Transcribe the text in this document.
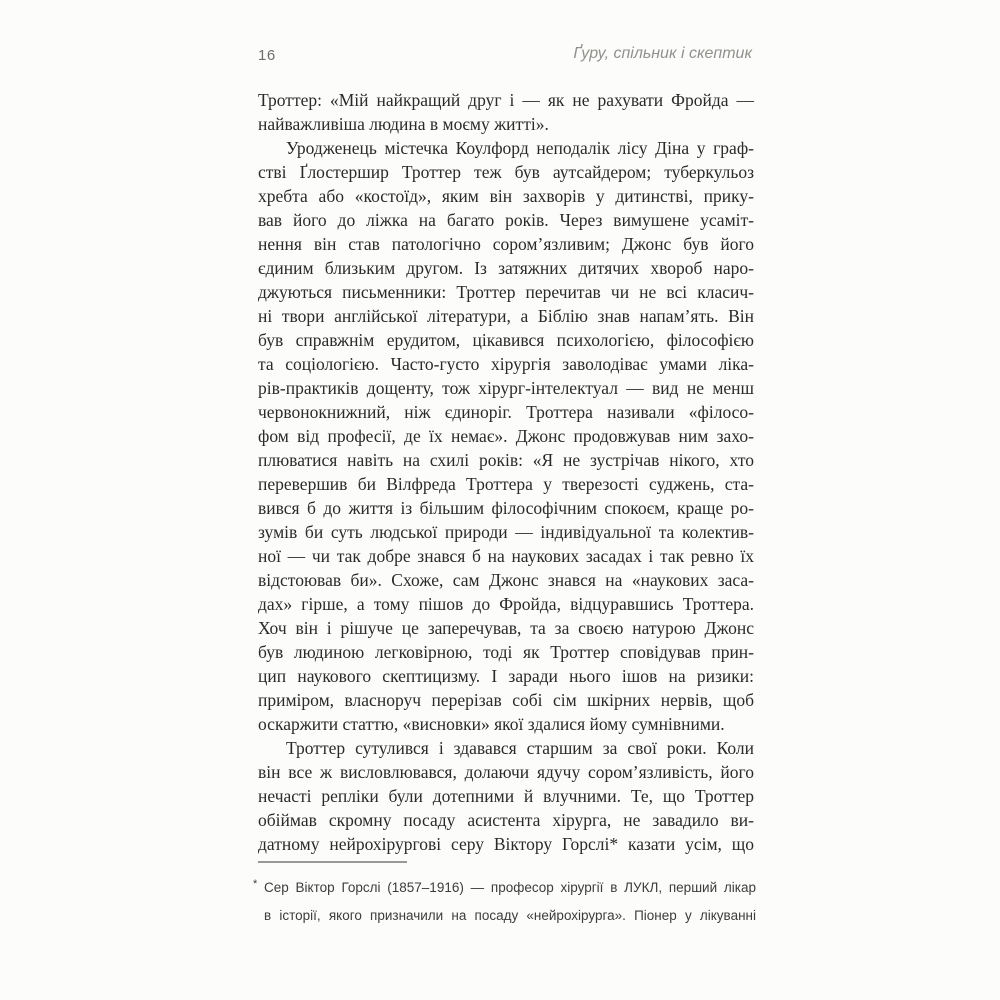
16	Ґуру, спільник і скептик
Троттер: «Мій найкращий друг і — як не рахувати Фройда —
найважливіша людина в моєму житті».
Уродженець містечка Коулфорд неподалік лісу Діна у граф-
стві Ґлостершир Троттер теж був аутсайдером; туберкульоз
хребта або «костоїд», яким він захворів у дитинстві, прику-
вав його до ліжка на багато років. Через вимушене усаміт-
нення він став патологічно сором’язливим; Джонс був його
єдиним близьким другом. Із затяжних дитячих хвороб наро-
джуються письменники: Троттер перечитав чи не всі класич-
ні твори англійської літератури, а Біблію знав напам’ять. Він
був справжнім ерудитом, цікавився психологією, філософією
та соціологією. Часто-густо хірургія заволодіває умами ліка-
рів-практиків дощенту, тож хірург-інтелектуал — вид не менш
червонокнижний, ніж єдиноріг. Троттера називали «філосо-
фом від професії, де їх немає». Джонс продовжував ним захо-
плюватися навіть на схилі років: «Я не зустрічав нікого, хто
перевершив би Вілфреда Троттера у тверезості суджень, ста-
вився б до життя із більшим філософічним спокоєм, краще ро-
зумів би суть людської природи — індивідуальної та колектив-
ної — чи так добре знався б на наукових засадах і так ревно їх
відстоював би». Схоже, сам Джонс знався на «наукових заса-
дах» гірше, а тому пішов до Фройда, відцуравшись Троттера.
Хоч він і рішуче це заперечував, та за своєю натурою Джонс
був людиною легковірною, тоді як Троттер сповідував прин-
цип наукового скептицизму. І заради нього ішов на ризики:
приміром, власноруч перерізав собі сім шкірних нервів, щоб
оскаржити статтю, «висновки» якої здалися йому сумнівними.
Троттер сутулився і здавався старшим за свої роки. Коли
він все ж висловлювався, долаючи ядучу сором’язливість, його
нечасті репліки були дотепними й влучними. Те, що Троттер
обіймав скромну посаду асистента хірурга, не завадило ви-
датному нейрохірургові серу Віктору Горслі* казати усім, що
* Сер Віктор Горслі (1857–1916) — професор хірургії в ЛУКЛ, перший лікар
в історії, якого призначили на посаду «нейрохірурга». Піонер у лікуванні
